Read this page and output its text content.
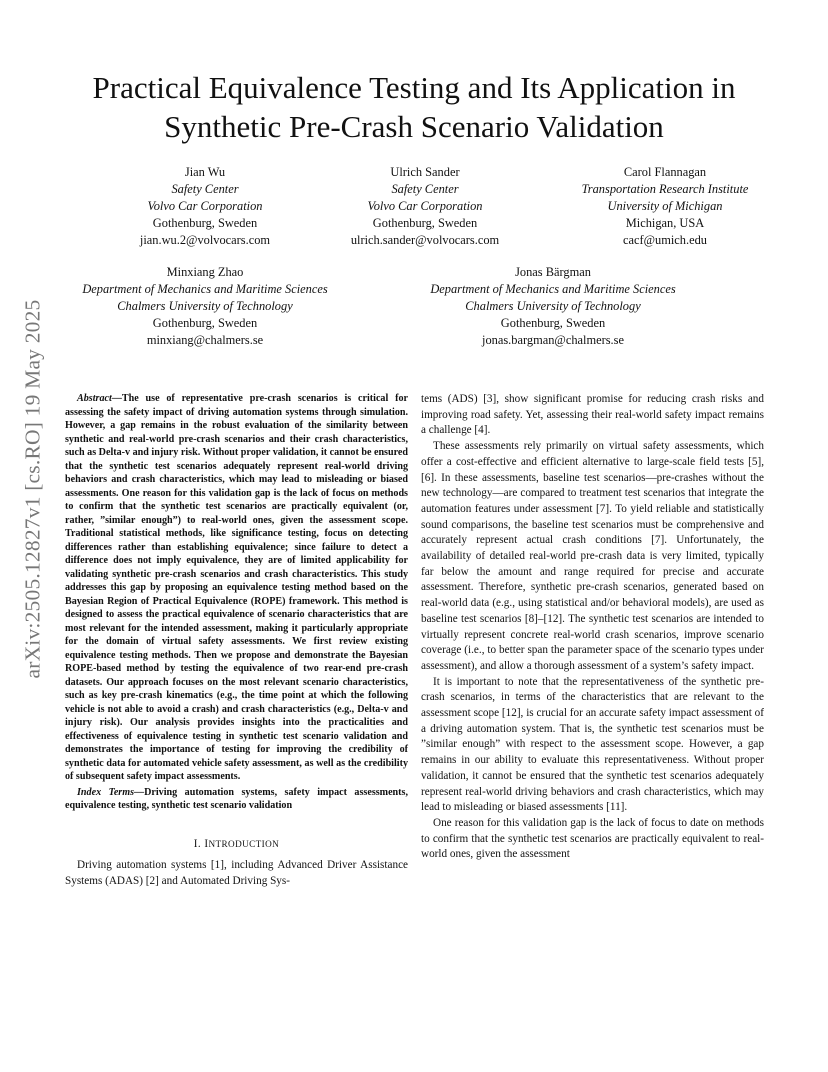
arXiv:2505.12827v1 [cs.RO] 19 May 2025
Practical Equivalence Testing and Its Application in
Synthetic Pre-Crash Scenario Validation
Jian Wu
Safety Center
Volvo Car Corporation
Gothenburg, Sweden
jian.wu.2@volvocars.com
Ulrich Sander
Safety Center
Volvo Car Corporation
Gothenburg, Sweden
ulrich.sander@volvocars.com
Carol Flannagan
Transportation Research Institute
University of Michigan
Michigan, USA
cacf@umich.edu
Minxiang Zhao
Department of Mechanics and Maritime Sciences
Chalmers University of Technology
Gothenburg, Sweden
minxiang@chalmers.se
Jonas Bärgman
Department of Mechanics and Maritime Sciences
Chalmers University of Technology
Gothenburg, Sweden
jonas.bargman@chalmers.se

Abstract—The use of representative pre-crash scenarios is critical for assessing the safety impact of driving automation systems through simulation. However, a gap remains in the robust evaluation of the similarity between synthetic and real-world pre-crash scenarios and their crash characteristics, such as Delta-v and injury risk. Without proper validation, it cannot be ensured that the synthetic test scenarios adequately represent real-world driving behaviors and crash characteristics, which may lead to misleading or biased assessments. One reason for this validation gap is the lack of focus on methods to confirm that the synthetic test scenarios are practically equivalent (or, rather, ”similar enough”) to real-world ones, given the assessment scope. Traditional statistical methods, like significance testing, focus on detecting differences rather than establishing equivalence; since failure to detect a difference does not imply equivalence, they are of limited applicability for validating synthetic pre-crash scenarios and crash characteristics. This study addresses this gap by proposing an equivalence testing method based on the Bayesian Region of Practical Equivalence (ROPE) framework. This method is designed to assess the practical equivalence of scenario characteristics that are most relevant for the intended assessment, making it particularly appropriate for the domain of virtual safety assessments. We first review existing equivalence testing methods. Then we propose and demonstrate the Bayesian ROPE-based method by testing the equivalence of two rear-end pre-crash datasets. Our approach focuses on the most relevant scenario characteristics, such as key pre-crash kinematics (e.g., the time point at which the following vehicle is not able to avoid a crash) and crash characteristics (e.g., Delta-v and injury risk). Our analysis provides insights into the practicalities and effectiveness of equivalence testing in synthetic test scenario validation and demonstrates the importance of testing for improving the credibility of synthetic data for automated vehicle safety assessment, as well as the credibility of subsequent safety impact assessments.

Index Terms—Driving automation systems, safety impact assessments, equivalence testing, synthetic test scenario validation

I. INTRODUCTION

Driving automation systems [1], including Advanced Driver Assistance Systems (ADAS) [2] and Automated Driving Sys-

tems (ADS) [3], show significant promise for reducing crash risks and improving road safety. Yet, assessing their real-world safety impact remains a challenge [4].

These assessments rely primarily on virtual safety assessments, which offer a cost-effective and efficient alternative to large-scale field tests [5], [6]. In these assessments, baseline test scenarios—pre-crashes without the new technology—are compared to treatment test scenarios that integrate the automation features under assessment [7]. To yield reliable and statistically sound comparisons, the baseline test scenarios must be comprehensive and accurately represent actual crash conditions [7]. Unfortunately, the availability of detailed real-world pre-crash data is very limited, typically far below the amount and range required for precise and accurate assessment. Therefore, synthetic pre-crash scenarios, generated based on real-world data (e.g., using statistical and/or behavioral models), are used as baseline test scenarios [8]–[12]. The synthetic test scenarios are intended to virtually represent concrete real-world crash scenarios, improve scenario coverage (i.e., to better span the parameter space of the scenario types under assessment), and allow a thorough assessment of a system’s safety impact.

It is important to note that the representativeness of the synthetic pre-crash scenarios, in terms of the characteristics that are relevant to the assessment scope [12], is crucial for an accurate safety impact assessment of a driving automation system. That is, the synthetic test scenarios must be ”similar enough” with respect to the assessment scope. However, a gap remains in our ability to evaluate this representativeness. Without proper validation, it cannot be ensured that the synthetic test scenarios adequately represent real-world driving behaviors and crash characteristics, which may lead to misleading or biased assessments [11].

One reason for this validation gap is the lack of focus to date on methods to confirm that the synthetic test scenarios are practically equivalent to real-world ones, given the assessment
